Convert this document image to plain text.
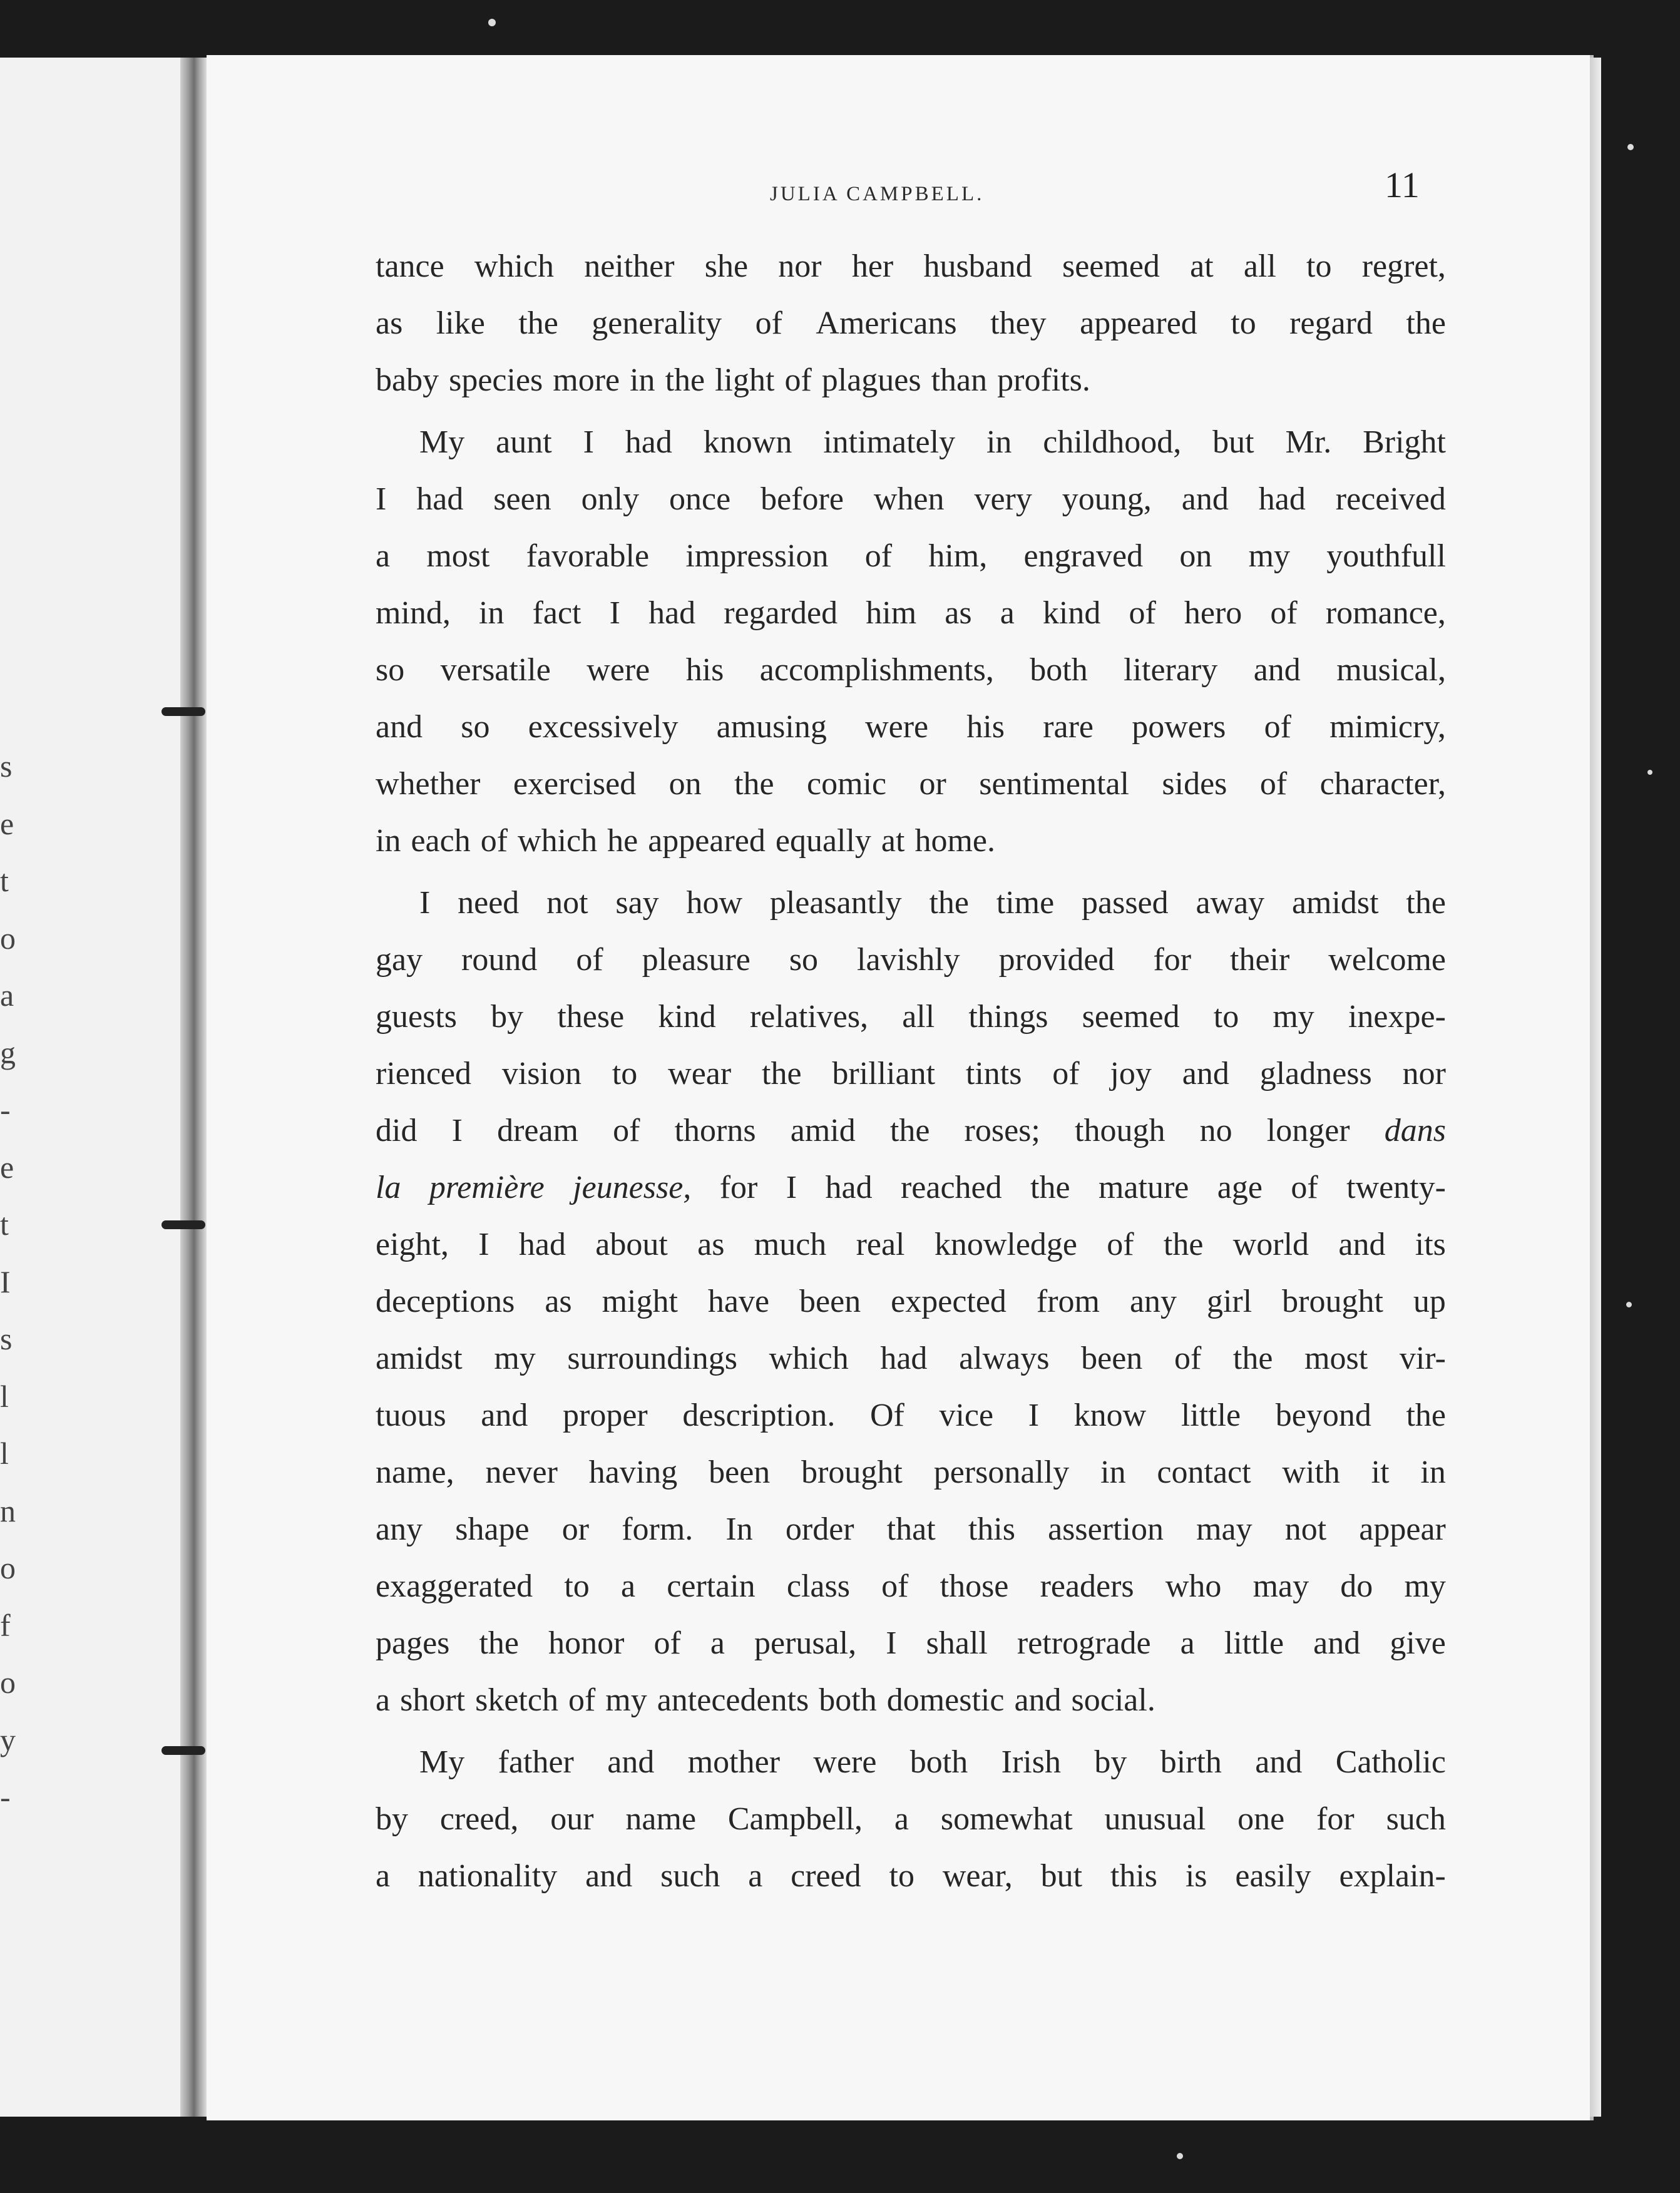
s
e
t
o
a
g
-
e
t
I
s
l
l
n
o
f
o
y
-
JULIA CAMPBELL.	11
tance which neither she nor her husband seemed at all to regret,
as like the generality of Americans they appeared to regard the
baby species more in the light of plagues than profits.
My aunt I had known intimately in childhood, but Mr. Bright
I had seen only once before when very young, and had received
a most favorable impression of him, engraved on my youthfull
mind, in fact I had regarded him as a kind of hero of romance,
so versatile were his accomplishments, both literary and musical,
and so excessively amusing were his rare powers of mimicry,
whether exercised on the comic or sentimental sides of character,
in each of which he appeared equally at home.
I need not say how pleasantly the time passed away amidst the
gay round of pleasure so lavishly provided for their welcome
guests by these kind relatives, all things seemed to my inexpe-
rienced vision to wear the brilliant tints of joy and gladness nor
did I dream of thorns amid the roses; though no longer dans
la première jeunesse, for I had reached the mature age of twenty-
eight, I had about as much real knowledge of the world and its
deceptions as might have been expected from any girl brought up
amidst my surroundings which had always been of the most vir-
tuous and proper description. Of vice I know little beyond the
name, never having been brought personally in contact with it in
any shape or form. In order that this assertion may not appear
exaggerated to a certain class of those readers who may do my
pages the honor of a perusal, I shall retrograde a little and give
a short sketch of my antecedents both domestic and social.
My father and mother were both Irish by birth and Catholic
by creed, our name Campbell, a somewhat unusual one for such
a nationality and such a creed to wear, but this is easily explain-
